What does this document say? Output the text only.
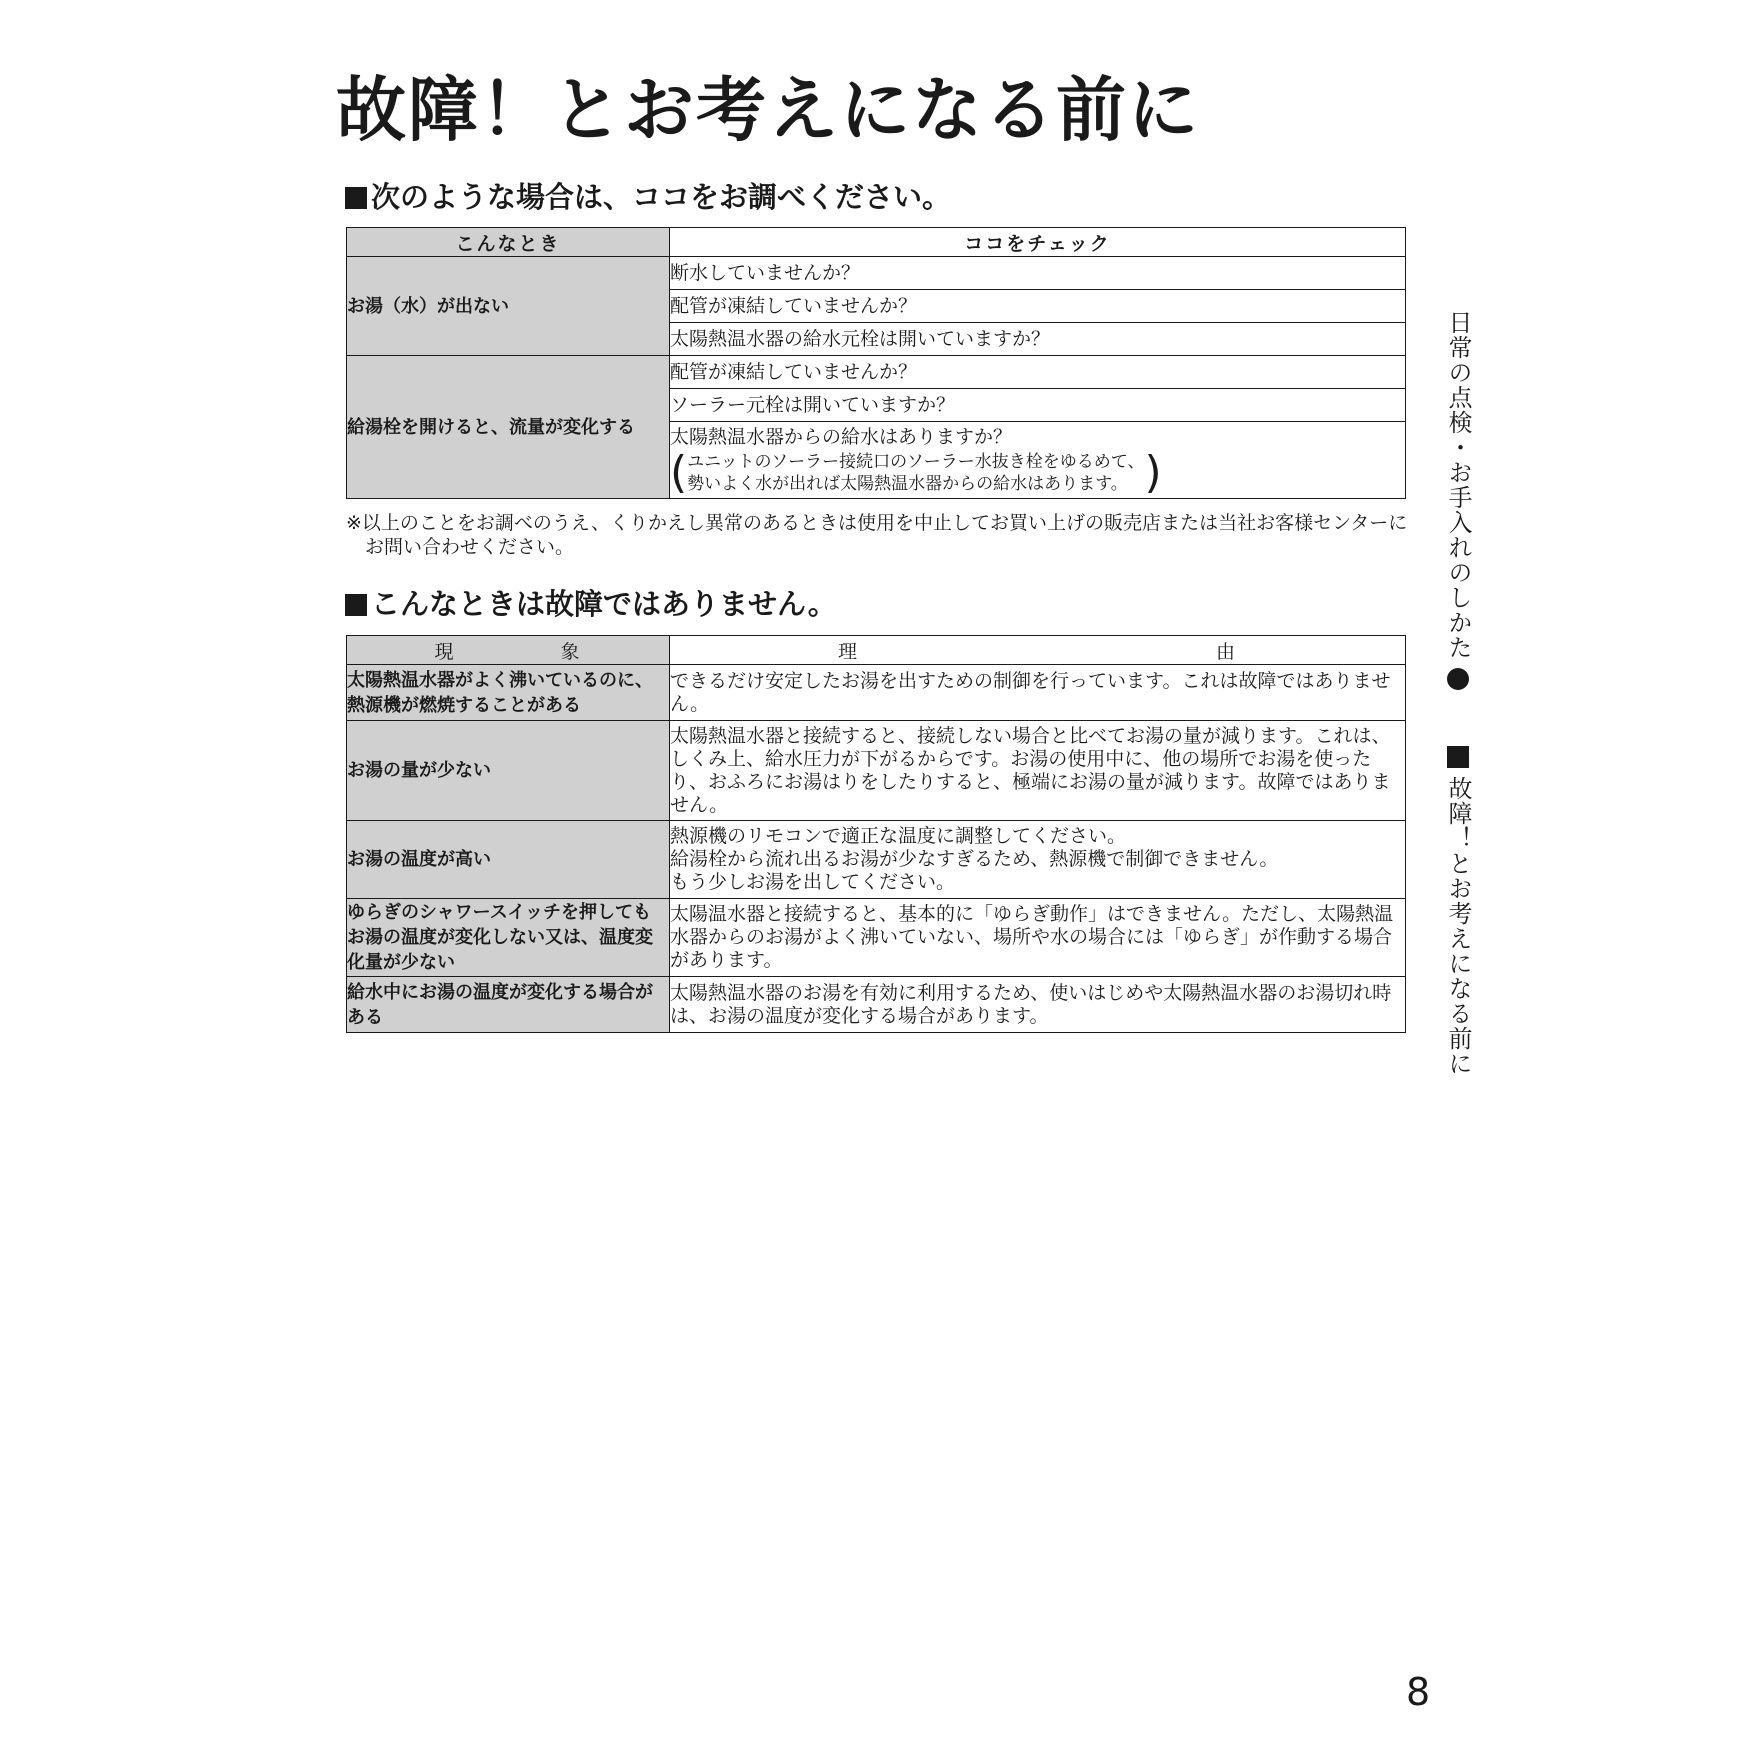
故障！とお考えになる前に
次のような場合は、ココをお調べください。
こんなとき	ココをチェック
お湯（水）が出ない	断水していませんか？
	配管が凍結していませんか？
	太陽熱温水器の給水元栓は開いていますか？
給湯栓を開けると、流量が変化する	配管が凍結していませんか？
	ソーラー元栓は開いていますか？

	太陽熱温水器からの給水はありますか？
( ユニットのソーラー接続口のソーラー水抜き栓をゆるめて、
勢いよく水が出れば太陽熱温水器からの給水はあります。 )
※以上のことをお調べのうえ、くりかえし異常のあるときは使用を中止してお買い上げの販売店または当社お客様センターにお問い合わせください。
こんなときは故障ではありません。
現　　　　　象	理　　　　　　　　　　　　　　　　　由
太陽熱温水器がよく沸いているのに、熱源機が燃焼することがある	できるだけ安定したお湯を出すための制御を行っています。これは故障ではありません。
お湯の量が少ない	太陽熱温水器と接続すると、接続しない場合と比べてお湯の量が減ります。これは、しくみ上、給水圧力が下がるからです。お湯の使用中に、他の場所でお湯を使ったり、おふろにお湯はりをしたりすると、極端にお湯の量が減ります。故障ではありません。
お湯の温度が高い	熱源機のリモコンで適正な温度に調整してください。
給湯栓から流れ出るお湯が少なすぎるため、熱源機で制御できません。
もう少しお湯を出してください。

ゆらぎのシャワースイッチを押してもお湯の温度が変化しない又は、温度変化量が少ない	太陽温水器と接続すると、基本的に「ゆらぎ動作」はできません。ただし、太陽熱温水器からのお湯がよく沸いていない、場所や水の場合には「ゆらぎ」が作動する場合があります。
給水中にお湯の温度が変化する場合がある	太陽熱温水器のお湯を有効に利用するため、使いはじめや太陽熱温水器のお湯切れ時は、お湯の温度が変化する場合があります。
日常の点検・お手入れのしかた故障！とお考えになる前に
8
